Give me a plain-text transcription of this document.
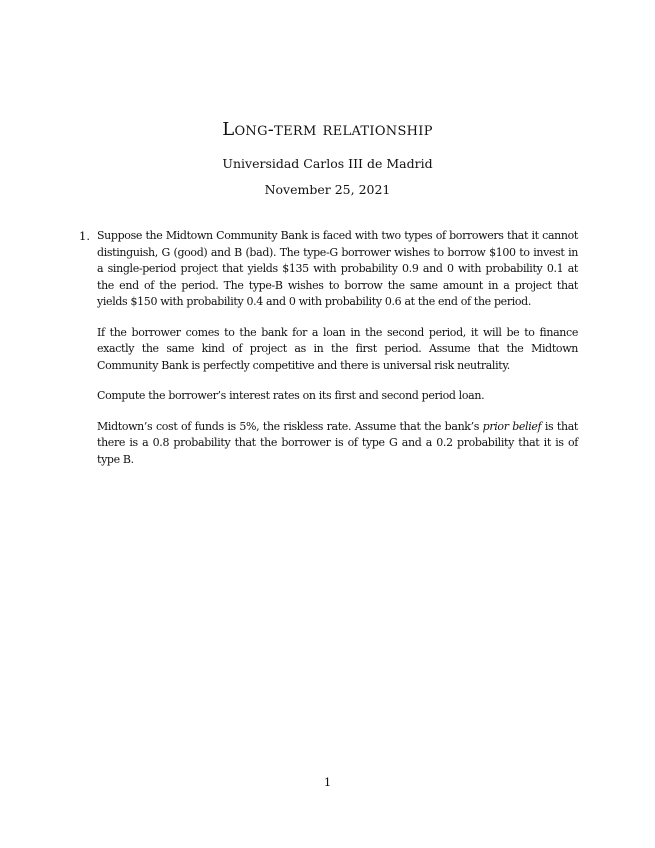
Long-term relationship
Universidad Carlos III de Madrid
November 25, 2021
1. Suppose the Midtown Community Bank is faced with two types of borrowers that it cannot distinguish, G (good) and B (bad). The type-G borrower wishes to borrow $100 to invest in a single-period project that yields $135 with probability 0.9 and 0 with probability 0.1 at the end of the period. The type-B wishes to borrow the same amount in a project that yields $150 with probability 0.4 and 0 with probability 0.6 at the end of the period.

If the borrower comes to the bank for a loan in the second period, it will be to finance exactly the same kind of project as in the first period. Assume that the Midtown Community Bank is perfectly competitive and there is universal risk neutrality.

Compute the borrower’s interest rates on its first and second period loan.

Midtown’s cost of funds is 5%, the riskless rate. Assume that the bank’s prior belief is that there is a 0.8 probability that the borrower is of type G and a 0.2 probability that it is of type B.

1
